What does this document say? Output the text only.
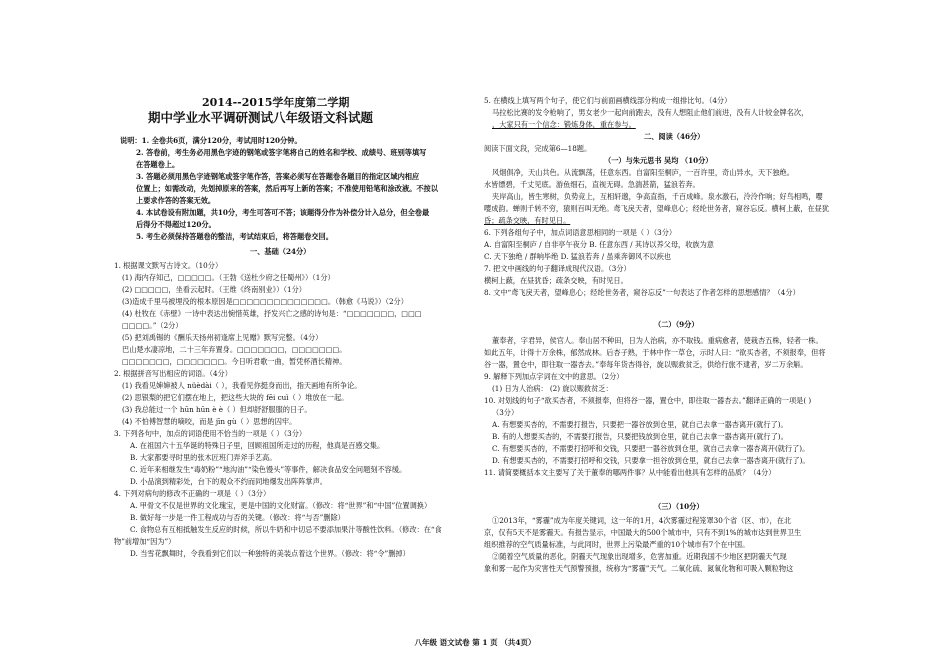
2014--2015学年度第二学期
期中学业水平调研测试八年级语文科试题
说明：1. 全卷共6页，满分120分，考试用时120分钟。
2. 答卷前，考生务必用黑色字迹的钢笔或签字笔将自己的姓名和学校、成绩号、班别等填写
在答题卷上。
3. 答题必须用黑色字迹钢笔或签字笔作答，答案必须写在答题卷各题目的指定区域内相应
位置上；如需改动，先划掉原来的答案，然后再写上新的答案；不准使用铅笔和涂改液。不按以
上要求作答的答案无效。
4. 本试卷设有附加题，共10分，考生可答可不答；该题得分作为补偿分计入总分，但全卷最
后得分不得超过120分。
5. 考生必须保持答题卷的整洁，考试结束后，将答题卷交回。
一、基础（24分）
1. 根据课文默写古诗文。（10分）
(1) 海内存知己，□□□□□。（王勃《送杜少府之任蜀州》）（1分）
(2) □□□□□，坐看云起时。（王维《终南别业》）（1分）
(3)造成千里马被埋没的根本原因是□□□□□□□□□□□□□□。（韩愈《马说》）（2分）
(4) 杜牧在《赤壁》一诗中表达出惋惜英雄，抒发兴亡之感的诗句是：“□□□□□□□，□□□
□□□□。”（2分）
(5) 把刘禹锡的《酬乐天扬州初逢席上见赠》默写完整。（4分）
巴山楚水凄凉地，二十三年弃置身。□□□□□□□，□□□□□□□。
□□□□□□□，□□□□□□□。今日听君歌一曲，暂凭杯酒长精神。
2. 根据拼音写出相应的词语。（4分）
(1) 我看见婶婶被人 nüèdài（ ），我看见你挺身而出，指天画地有所争论。
(2) 思银梨的把它们摆在地上，把这些大块的 fēi cuì（ ）堆放在一起。
(3) 我总能过一个 hūn hūn è è（ ）但却舒舒服服的日子。
(4) 不怕傅智慧的嘀咬，而是 jīn gù（ ）思想的囚牢。
3. 下列各句中，加点的词语使用不恰当的一项是（ ）（3分）
A. 在祖国六十五华诞的特殊日子里，回顾祖国所走过的历程，他真是百感交集。
B. 大家都要寻时里的张木匠班门弄斧手艺高。
C. 近年来相继发生“毒奶粉”“地沟油”“染色馒头”等事件，解决食品安全问题刻不容缓。
D. 小品演到精彩处，台下的观众不约而同地爆发出阵阵掌声。
4. 下列对病句的修改不正确的一项是（ ）（3分）
A. 甲骨文不仅是世界的文化瑰宝，更是中国的文化财富。（修改：将“世界”和“中国”位置调换）
B. 做好每一步是一件工程成功与否的关键。（修改：将“与否”删除）
C. 食物总有互相抵触发生反应的时候，所以牛奶和中切忌不要添加果汁等酸性饮料。（修改：在“食
物”前增加“因为”）
D. 当雪花飘舞时，令我看到它们以一种独特的美装点着这个世界。（修改：将“令”删掉）
5. 在横线上填写两个句子，使它们与前面画横线部分构成一组排比句。（4分）
马拉松比赛的发令枪响了，男女老少一起向前跑去，没有人想阻止他们前进，没有人计较金牌名次，
，大家只有一个信念：锻炼身体，重在参与。
二、阅读（46分）
阅读下面文段，完成第6—18题。
（一）与朱元思书 吴均 （10分）
风烟俱净，天山共色。从流飘荡，任意东西。自富阳至桐庐，一百许里，奇山异水，天下独绝。
水皆缥碧，千丈见底。游鱼细石，直视无碍。急湍甚箭，猛浪若奔。
夹岸高山，皆生寒树，负势竞上，互相轩邈，争高直指，千百成峰。泉水激石，泠泠作响；好鸟相鸣，嘤
嘤成韵。蝉则千转不穷，猿则百叫无绝。鸢飞戾天者，望峰息心；经纶世务者，窥谷忘反。横柯上蔽，在昼犹
昏；疏条交映，有时见日。
6. 下列各组句子中，加点词语意思相同的一项是（ ）（3分）
A. 自富阳至桐庐 / 自非亭午夜分 B. 任意东西 / 其诗以养父母，收族为意
C. 天下独绝 / 群响毕绝 D. 猛浪若奔 / 虽乘奔御风不以疾也
7. 把文中画线的句子翻译成现代汉语。（3分）
横柯上蔽，在昼犹昏；疏条交映，有时见日。
8. 文中“鸢飞戾天者，望峰息心；经纶世务者，窥谷忘反”一句表达了作者怎样的思想感情？（4分）
（二）（9分）
董奉者，字君异，侯官人。奉山居不种田，日为人治病，亦不取钱。重病愈者，使栽杏五株，轻者一株。
如此五年，计得十万余株，郁然成林。后杏子熟，于林中作一草仓，示时人曰：“欲买杏者，不须报奉，但将
谷一器，置仓中，即往取一器杏去。”奉每年货杏得谷，旋以赈救贫乏，供给行旅不逮者，岁二万余斛。
9. 解释下列加点字词在文中的意思。（2分）
(1) 日为人治病： (2) 旋以赈救贫乏：
10. 对划线的句子“欲买杏者，不须报奉，但将谷一器，置仓中，即往取一器杏去。”翻译正确的一项是( )
（3分）
A. 有想要买杏的，不需要打报告，只要把一器谷放到仓里，就自己去拿一器杏离开(就行了)。
B. 有的人想要买杏的，不需要打报告，只要把钱放到仓里，就自己去拿一器杏离开(就行了)。
C. 有想要买杏的，不需要打招呼和交钱，只要把一器谷放到仓里，就自己去拿一器杏离开(就行了)。
D. 有想要买杏的，不需要打招呼和交钱，只要拿一担谷放到仓里，就自己去拿一器杏离开(就行了)。
11. 请简要概括本文主要写了关于董奉的哪两件事？从中能看出他具有怎样的品质？（4分）
（三）（10分）
①2013年，“雾霾”成为年度关键词，这一年的1月，4次雾霾过程笼罩30个省（区、市），在北
京，仅有5天不是雾霾天。有报告显示，中国最大的500个城市中，只有不到1%的城市达到世界卫生
组织推荐的空气质量标准，与此同时，世界上污染最严重的10个城市有7个在中国。
②随着空气质量的恶化，阴霾天气现象出现增多，危害加重。近期我国不少地区把阴霾天气现
象和雾一起作为灾害性天气预警预报，统称为“雾霾”天气。二氧化硫、氮氧化物和可吸入颗粒物这
八年级 语文试卷 第 1 页 （共4页）
